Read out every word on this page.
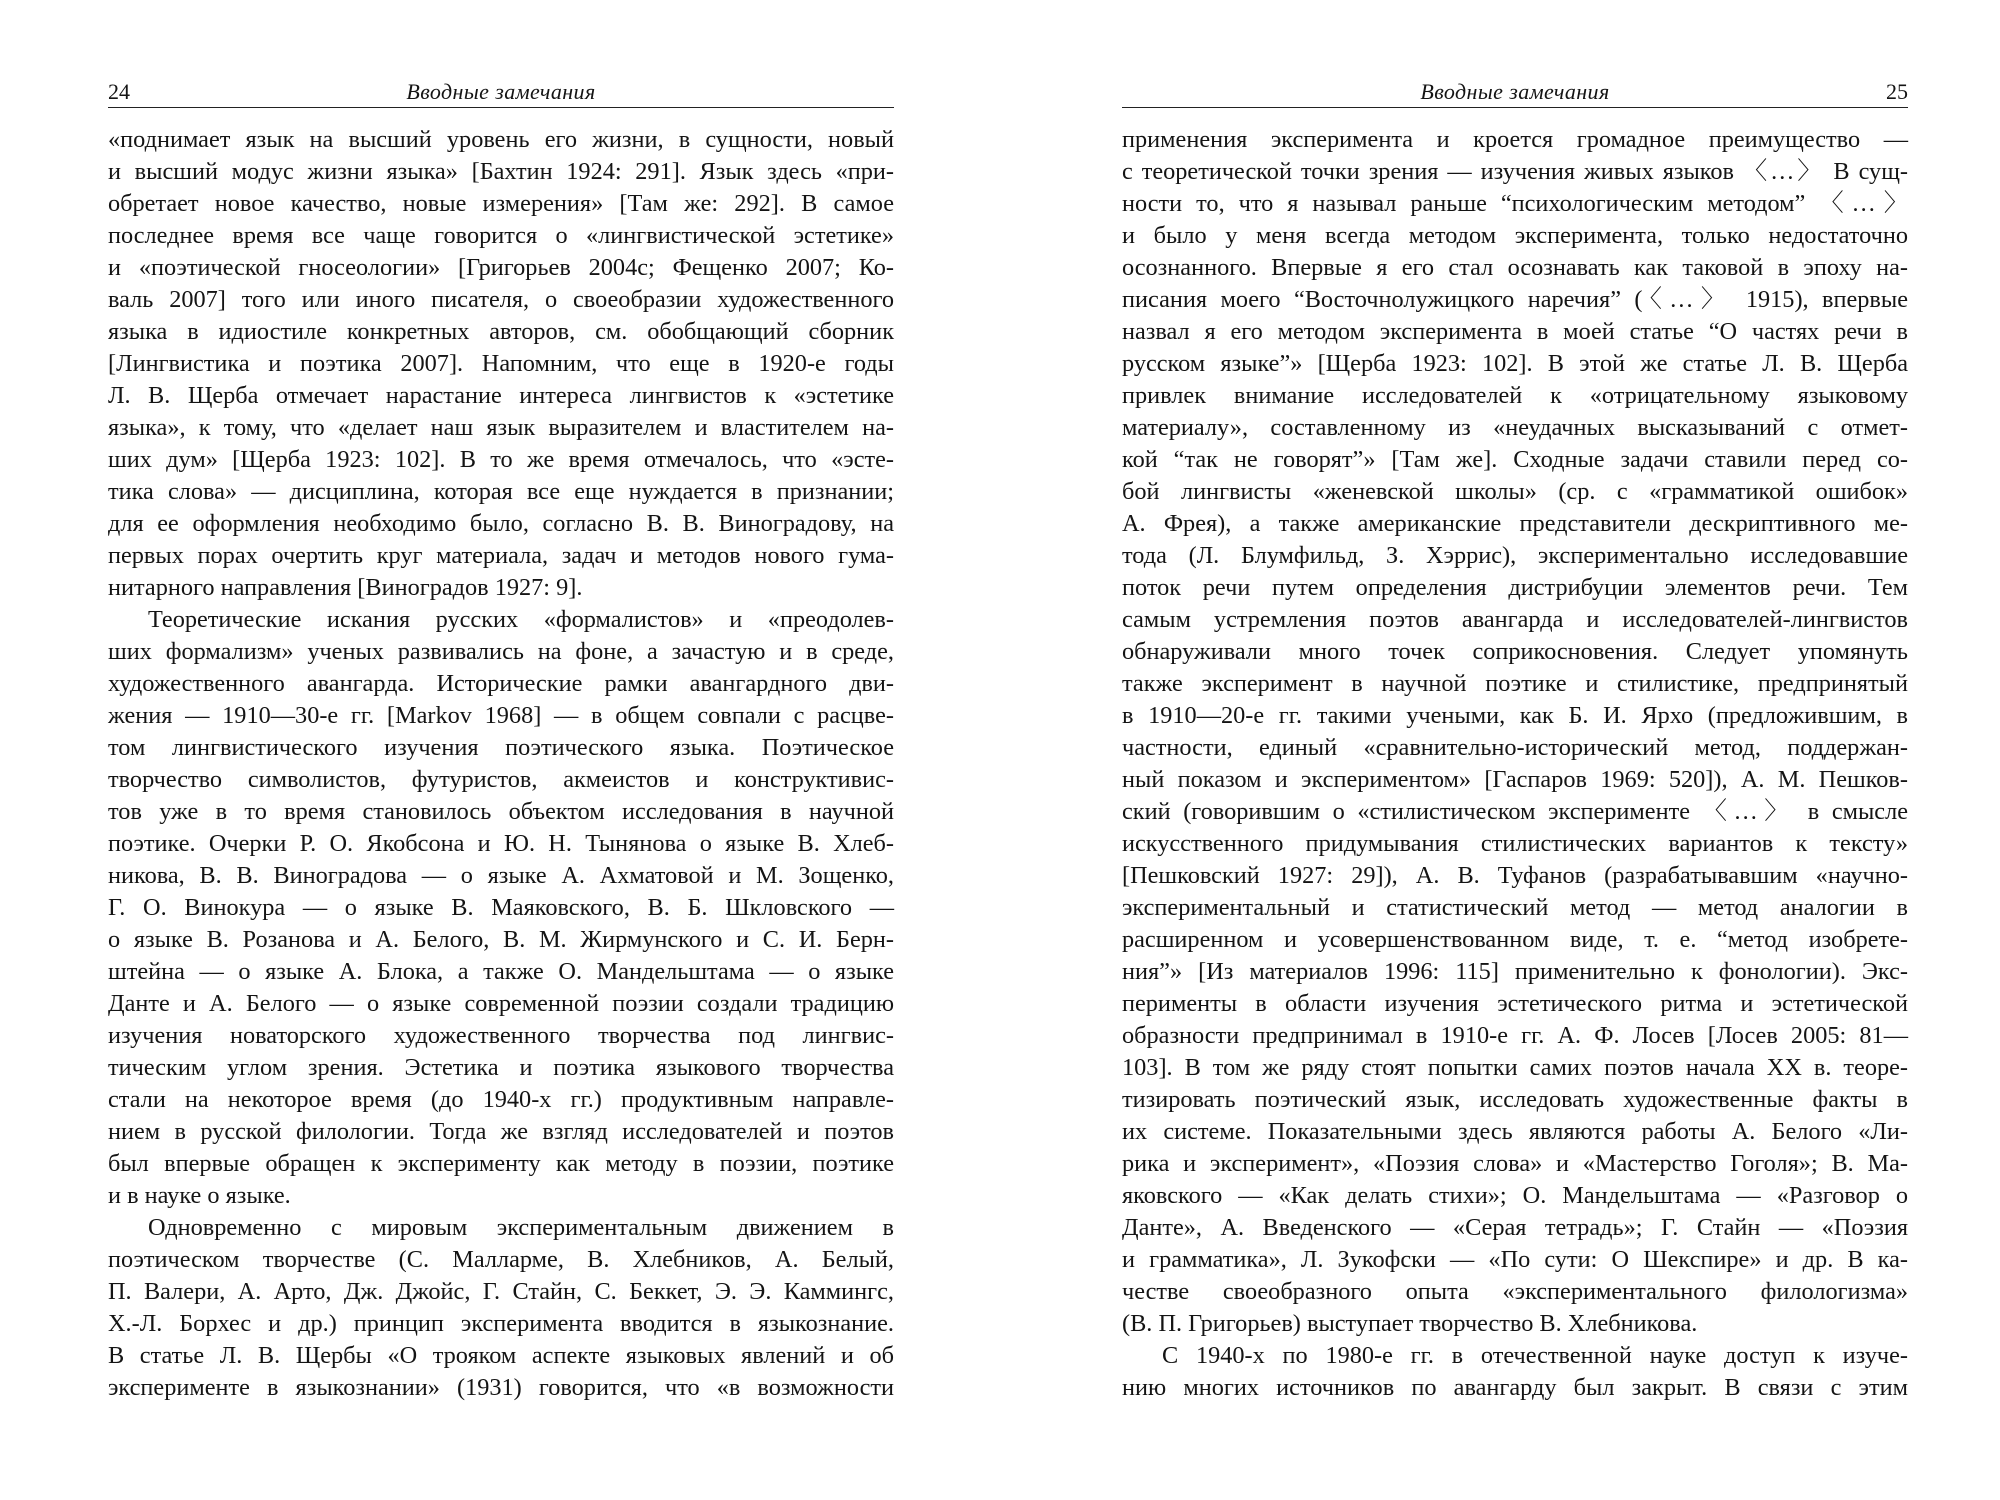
24	Вводные замечания
«поднимает язык на высший уровень его жизни, в сущности, новый
и высший модус жизни языка» [Бахтин 1924: 291]. Язык здесь «при-
обретает новое качество, новые измерения» [Там же: 292]. В самое
последнее время все чаще говорится о «лингвистической эстетике»
и «поэтической гносеологии» [Григорьев 2004с; Фещенко 2007; Ко-
валь 2007] того или иного писателя, о своеобразии художественного
языка в идиостиле конкретных авторов, см. обобщающий сборник
[Лингвистика и поэтика 2007]. Напомним, что еще в 1920-е годы
Л. В. Щерба отмечает нарастание интереса лингвистов к «эстетике
языка», к тому, что «делает наш язык выразителем и властителем на-
ших дум» [Щерба 1923: 102]. В то же время отмечалось, что «эсте-
тика слова» — дисциплина, которая все еще нуждается в признании;
для ее оформления необходимо было, согласно В. В. Виноградову, на
первых порах очертить круг материала, задач и методов нового гума-
нитарного направления [Виноградов 1927: 9].
Теоретические искания русских «формалистов» и «преодолев-
ших формализм» ученых развивались на фоне, а зачастую и в среде,
художественного авангарда. Исторические рамки авангардного дви-
жения — 1910—30-е гг. [Markov 1968] — в общем совпали с расцве-
том лингвистического изучения поэтического языка. Поэтическое
творчество символистов, футуристов, акмеистов и конструктивис-
тов уже в то время становилось объектом исследования в научной
поэтике. Очерки Р. О. Якобсона и Ю. Н. Тынянова о языке В. Хлеб-
никова, В. В. Виноградова — о языке А. Ахматовой и М. Зощенко,
Г. О. Винокура — о языке В. Маяковского, В. Б. Шкловского —
о языке В. Розанова и А. Белого, В. М. Жирмунского и С. И. Берн-
штейна — о языке А. Блока, а также О. Мандельштама — о языке
Данте и А. Белого — о языке современной поэзии создали традицию
изучения новаторского художественного творчества под лингвис-
тическим углом зрения. Эстетика и поэтика языкового творчества
стали на некоторое время (до 1940-х гг.) продуктивным направле-
нием в русской филологии. Тогда же взгляд исследователей и поэтов
был впервые обращен к эксперименту как методу в поэзии, поэтике
и в науке о языке.
Одновременно с мировым экспериментальным движением в
поэтическом творчестве (С. Малларме, В. Хлебников, А. Белый,
П. Валери, А. Арто, Дж. Джойс, Г. Стайн, С. Беккет, Э. Э. Каммингс,
Х.-Л. Борхес и др.) принцип эксперимента вводится в языкознание.
В статье Л. В. Щербы «О трояком аспекте языковых явлений и об
эксперименте в языкознании» (1931) говорится, что «в возможности
25
Вводные замечания
применения эксперимента и кроется громадное преимущество —
с теоретической точки зрения — изучения живых языков 〈…〉 В сущ-
ности то, что я называл раньше “психологическим методом” 〈…〉
и было у меня всегда методом эксперимента, только недостаточно
осознанного. Впервые я его стал осознавать как таковой в эпоху на-
писания моего “Восточнолужицкого наречия” (〈…〉 1915), впервые
назвал я его методом эксперимента в моей статье “О частях речи в
русском языке”» [Щерба 1923: 102]. В этой же статье Л. В. Щерба
привлек внимание исследователей к «отрицательному языковому
материалу», составленному из «неудачных высказываний с отмет-
кой “так не говорят”» [Там же]. Сходные задачи ставили перед со-
бой лингвисты «женевской школы» (ср. с «грамматикой ошибок»
А. Фрея), а также американские представители дескриптивного ме-
тода (Л. Блумфильд, З. Хэррис), экспериментально исследовавшие
поток речи путем определения дистрибуции элементов речи. Тем
самым устремления поэтов авангарда и исследователей-лингвистов
обнаруживали много точек соприкосновения. Следует упомянуть
также эксперимент в научной поэтике и стилистике, предпринятый
в 1910—20-е гг. такими учеными, как Б. И. Ярхо (предложившим, в
частности, единый «сравнительно-исторический метод, поддержан-
ный показом и экспериментом» [Гаспаров 1969: 520]), А. М. Пешков-
ский (говорившим о «стилистическом эксперименте 〈…〉 в смысле
искусственного придумывания стилистических вариантов к тексту»
[Пешковский 1927: 29]), А. В. Туфанов (разрабатывавшим «научно-
экспериментальный и статистический метод — метод аналогии в
расширенном и усовершенствованном виде, т. е. “метод изобрете-
ния”» [Из материалов 1996: 115] применительно к фонологии). Экс-
перименты в области изучения эстетического ритма и эстетической
образности предпринимал в 1910-е гг. А. Ф. Лосев [Лосев 2005: 81—
103]. В том же ряду стоят попытки самих поэтов начала XX в. теоре-
тизировать поэтический язык, исследовать художественные факты в
их системе. Показательными здесь являются работы А. Белого «Ли-
рика и эксперимент», «Поэзия слова» и «Мастерство Гоголя»; В. Ма-
яковского — «Как делать стихи»; О. Мандельштама — «Разговор о
Данте», А. Введенского — «Серая тетрадь»; Г. Стайн — «Поэзия
и грамматика», Л. Зукофски — «По сути: О Шекспире» и др. В ка-
честве своеобразного опыта «экспериментального филологизма»
(В. П. Григорьев) выступает творчество В. Хлебникова.
С 1940-х по 1980-е гг. в отечественной науке доступ к изуче-
нию многих источников по авангарду был закрыт. В связи с этим
